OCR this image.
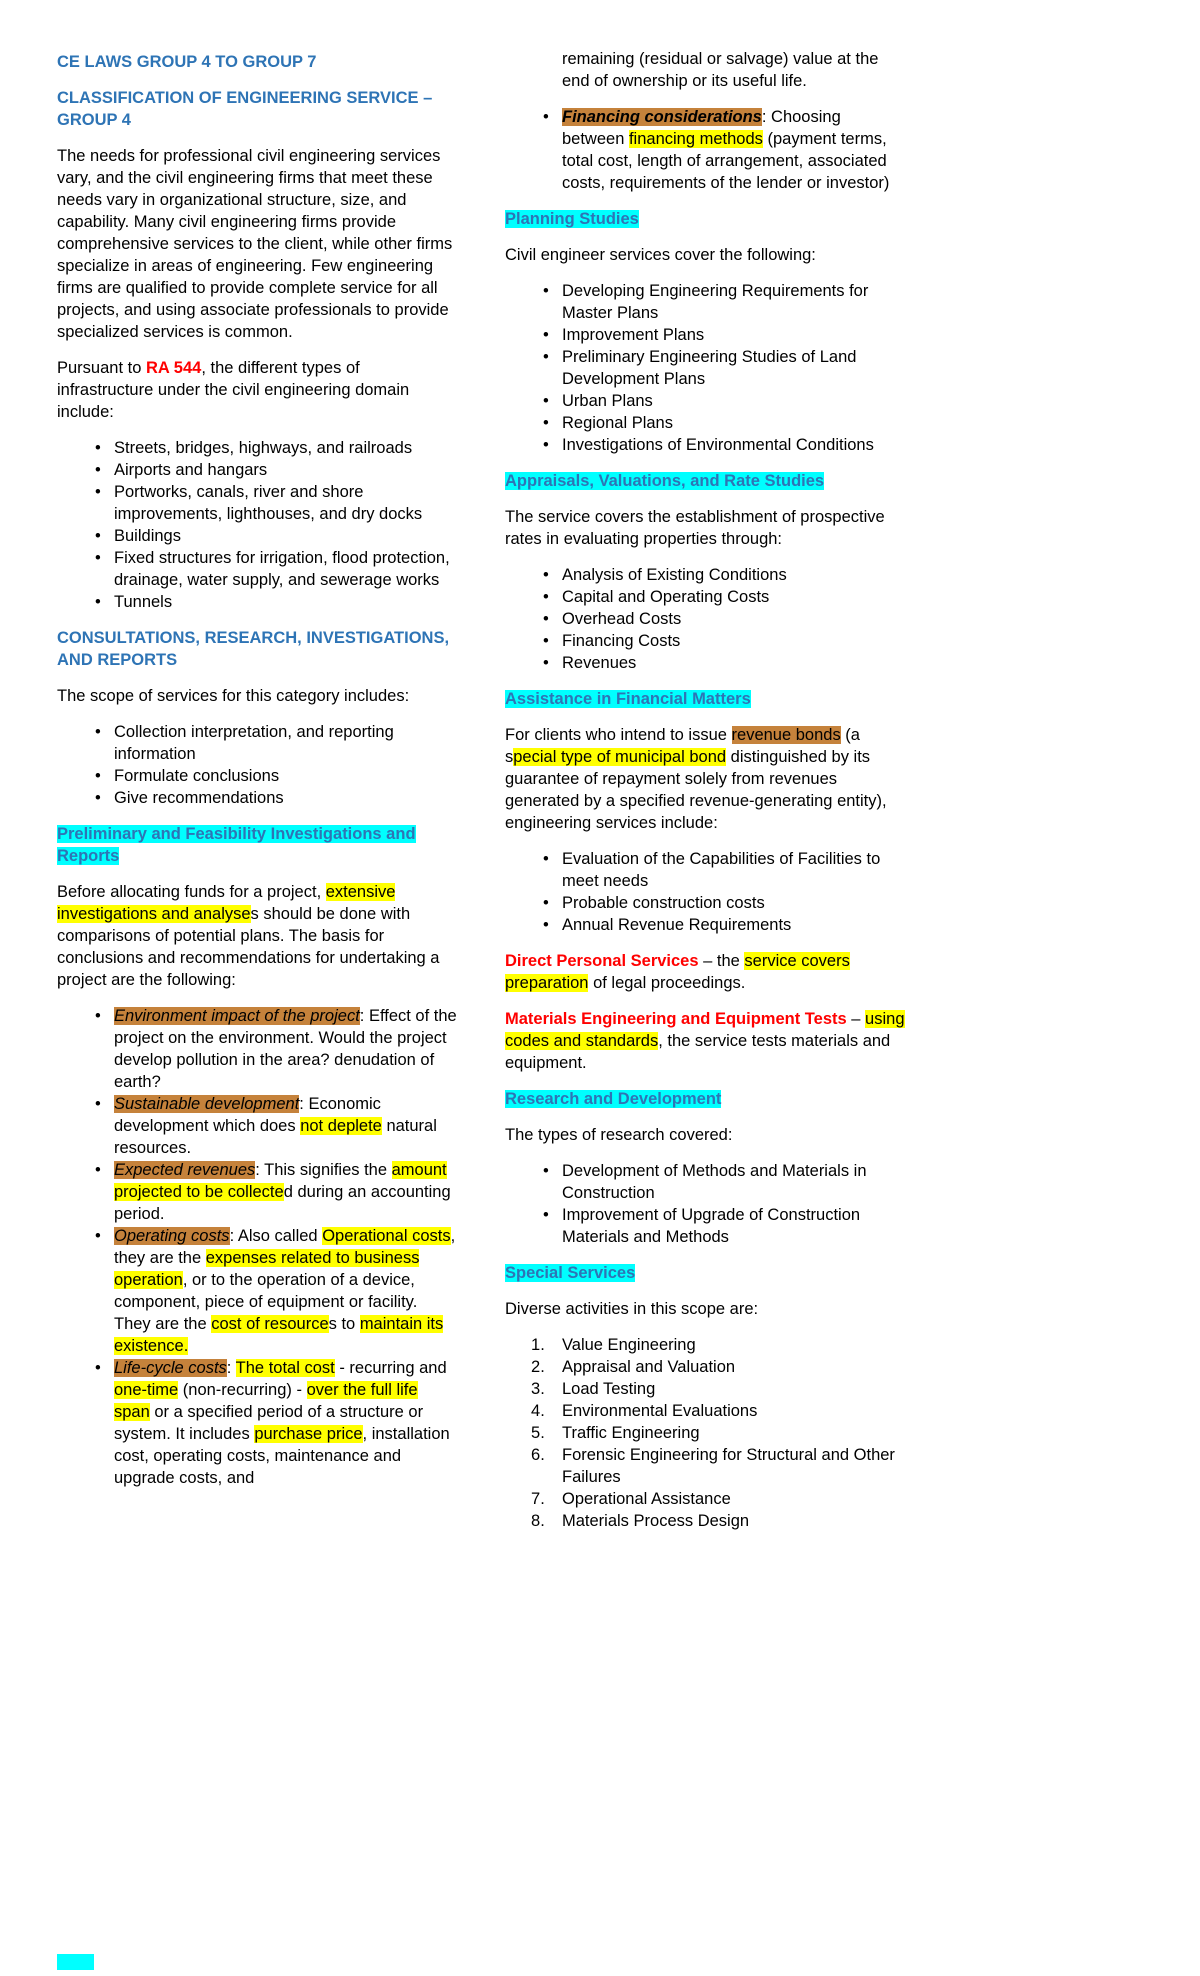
CE LAWS GROUP 4 TO GROUP 7
CLASSIFICATION OF ENGINEERING SERVICE – GROUP 4

The needs for professional civil engineering services vary, and the civil engineering firms that meet these needs vary in organizational structure, size, and capability. Many civil engineering firms provide comprehensive services to the client, while other firms specialize in areas of engineering. Few engineering firms are qualified to provide complete service for all projects, and using associate professionals to provide specialized services is common.

Pursuant to RA 544, the different types of infrastructure under the civil engineering domain include:

• Streets, bridges, highways, and railroads
• Airports and hangars
• Portworks, canals, river and shore improvements, lighthouses, and dry docks
• Buildings
• Fixed structures for irrigation, flood protection, drainage, water supply, and sewerage works
• Tunnels
CONSULTATIONS, RESEARCH, INVESTIGATIONS, AND REPORTS

The scope of services for this category includes:

• Collection interpretation, and reporting information
• Formulate conclusions
• Give recommendations
Preliminary and Feasibility Investigations and Reports

Before allocating funds for a project, extensive investigations and analyses should be done with comparisons of potential plans. The basis for conclusions and recommendations for undertaking a project are the following:

• Environment impact of the project: Effect of the project on the environment. Would the project develop pollution in the area? denudation of earth?
• Sustainable development: Economic development which does not deplete natural resources.
• Expected revenues: This signifies the amount projected to be collected during an accounting period.
• Operating costs: Also called Operational costs, they are the expenses related to business operation, or to the operation of a device, component, piece of equipment or facility. They are the cost of resources to maintain its existence.
• Life-cycle costs: The total cost - recurring and one-time (non-recurring) - over the full life span or a specified period of a structure or system. It includes purchase price, installation cost, operating costs, maintenance and upgrade costs, and

remaining (residual or salvage) value at the end of ownership or its useful life.

• Financing considerations: Choosing between financing methods (payment terms, total cost, length of arrangement, associated costs, requirements of the lender or investor)
Planning Studies

Civil engineer services cover the following:

• Developing Engineering Requirements for Master Plans
• Improvement Plans
• Preliminary Engineering Studies of Land Development Plans
• Urban Plans
• Regional Plans
• Investigations of Environmental Conditions
Appraisals, Valuations, and Rate Studies

The service covers the establishment of prospective rates in evaluating properties through:

• Analysis of Existing Conditions
• Capital and Operating Costs
• Overhead Costs
• Financing Costs
• Revenues
Assistance in Financial Matters

For clients who intend to issue revenue bonds (a special type of municipal bond distinguished by its guarantee of repayment solely from revenues generated by a specified revenue-generating entity), engineering services include:

• Evaluation of the Capabilities of Facilities to meet needs
• Probable construction costs
• Annual Revenue Requirements

Direct Personal Services – the service covers preparation of legal proceedings.

Materials Engineering and Equipment Tests – using codes and standards, the service tests materials and equipment.

Research and Development

The types of research covered:

• Development of Methods and Materials in Construction
• Improvement of Upgrade of Construction Materials and Methods
Special Services

Diverse activities in this scope are:

Value Engineering
Appraisal and Valuation
Load Testing
Environmental Evaluations
Traffic Engineering
Forensic Engineering for Structural and Other Failures
Operational Assistance
Materials Process Design
